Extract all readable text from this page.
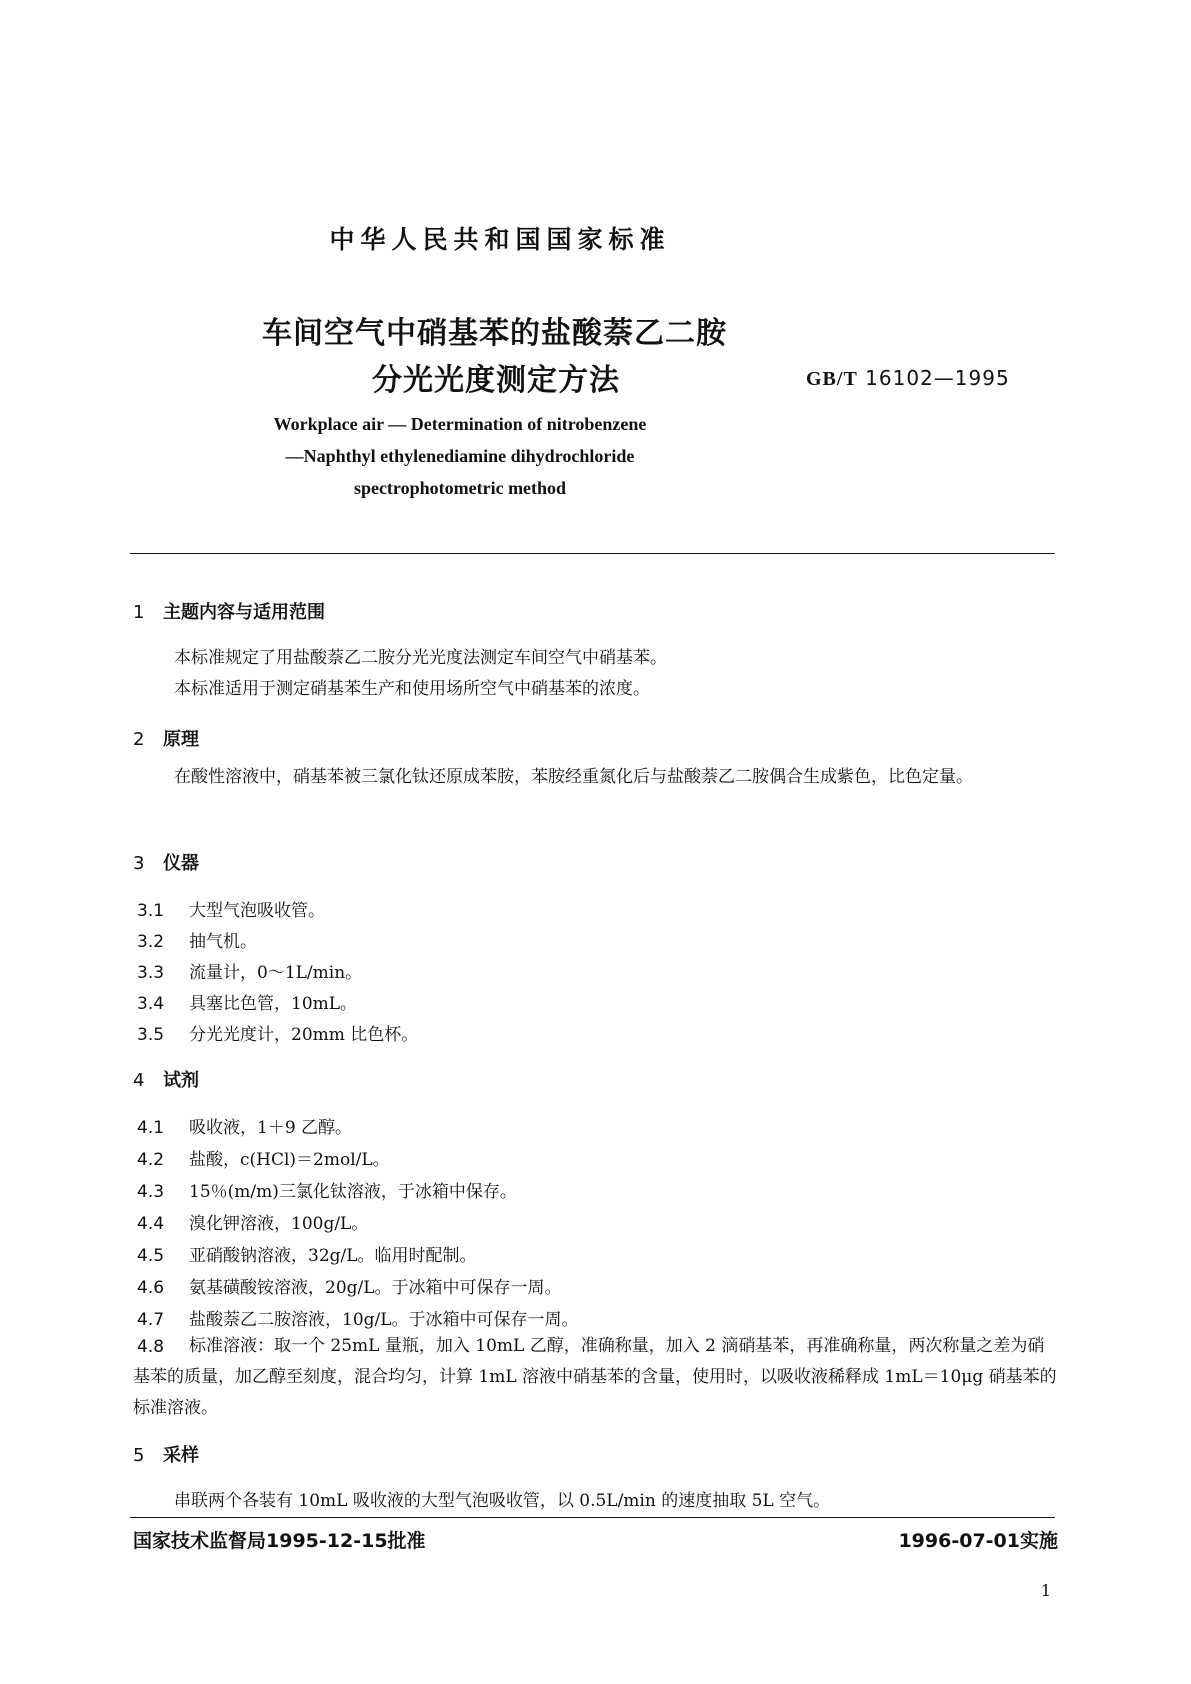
中华人民共和国国家标准
车间空气中硝基苯的盐酸萘乙二胺
分光光度测定方法	GB/T 16102—1995
Workplace air — Determination of nitrobenzene
—Naphthyl ethylenediamine dihydrochloride
spectrophotometric method
1 主题内容与适用范围
本标准规定了用盐酸萘乙二胺分光光度法测定车间空气中硝基苯。
本标准适用于测定硝基苯生产和使用场所空气中硝基苯的浓度。
2 原理
在酸性溶液中，硝基苯被三氯化钛还原成苯胺，苯胺经重氮化后与盐酸萘乙二胺偶合生成紫色，比色定量。
3 仪器
3.1 大型气泡吸收管。
3.2 抽气机。
3.3 流量计，0～1L/min。
3.4 具塞比色管，10mL。
3.5 分光光度计，20mm 比色杯。
4 试剂
4.1 吸收液，1＋9 乙醇。
4.2 盐酸，c(HCl)＝2mol/L。
4.3 15％(m/m)三氯化钛溶液，于冰箱中保存。
4.4 溴化钾溶液，100g/L。
4.5 亚硝酸钠溶液，32g/L。临用时配制。
4.6 氨基磺酸铵溶液，20g/L。于冰箱中可保存一周。
4.7 盐酸萘乙二胺溶液，10g/L。于冰箱中可保存一周。
4.8	标准溶液：取一个 25mL 量瓶，加入 10mL 乙醇，准确称量，加入 2 滴硝基苯，再准确称量，两次称量之差为硝基苯的质量，加乙醇至刻度，混合均匀，计算 1mL 溶液中硝基苯的含量，使用时，以吸收液稀释成 1mL＝10μg 硝基苯的标准溶液。
5 采样
串联两个各装有 10mL 吸收液的大型气泡吸收管，以 0.5L/min 的速度抽取 5L 空气。
国家技术监督局1995-12-15批准	1996-07-01实施
1
